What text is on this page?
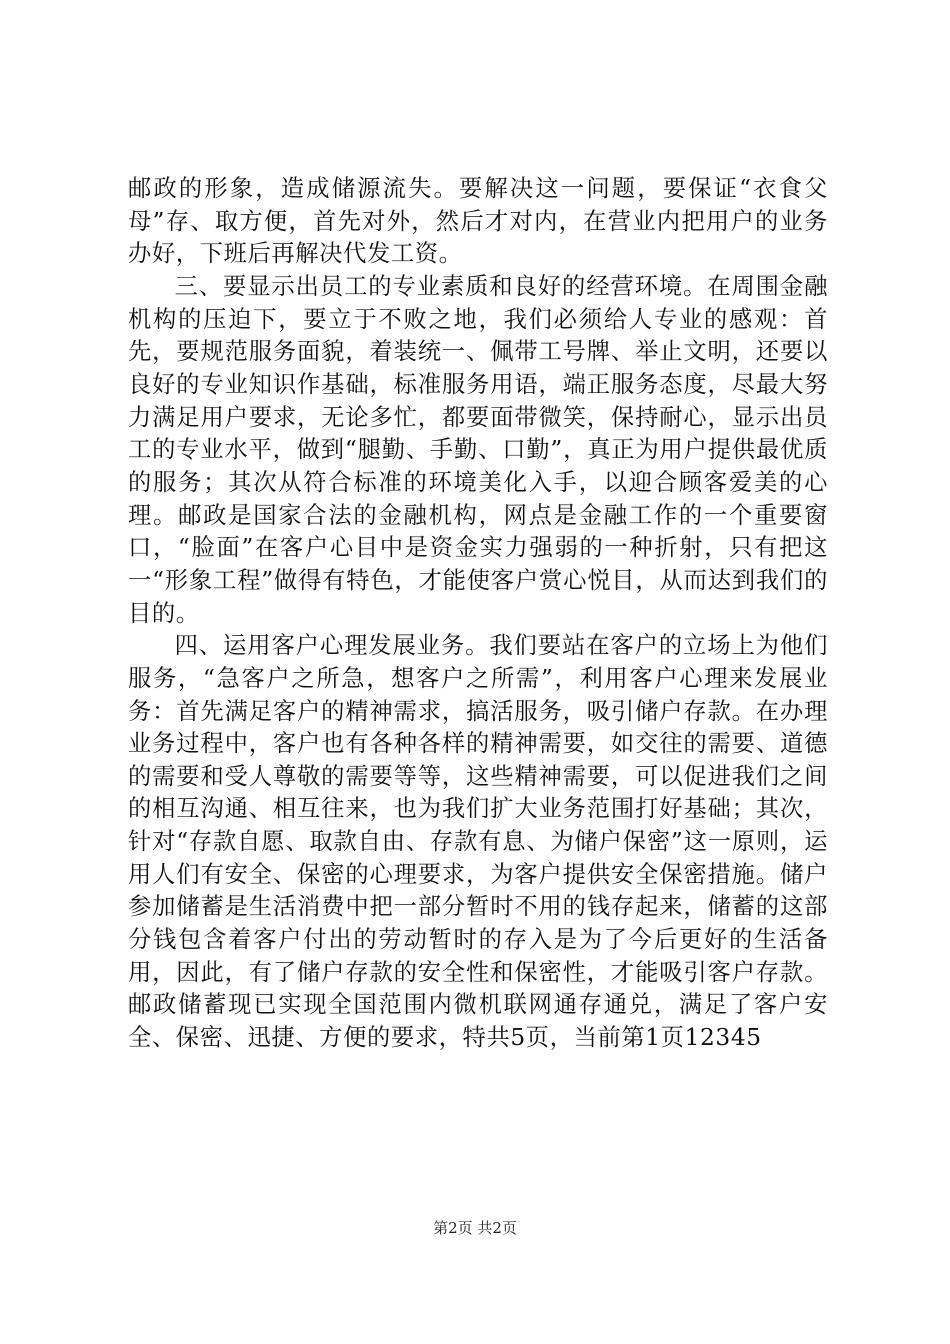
邮政的形象，造成储源流失。要解决这一问题，要保证“衣食父母”存、取方便，首先对外，然后才对内，在营业内把用户的业务办好，下班后再解决代发工资。

三、要显示出员工的专业素质和良好的经营环境。在周围金融机构的压迫下，要立于不败之地，我们必须给人专业的感观：首先，要规范服务面貌，着装统一、佩带工号牌、举止文明，还要以良好的专业知识作基础，标准服务用语，端正服务态度，尽最大努力满足用户要求，无论多忙，都要面带微笑，保持耐心，显示出员工的专业水平，做到“腿勤、手勤、口勤”，真正为用户提供最优质的服务；其次从符合标准的环境美化入手，以迎合顾客爱美的心理。邮政是国家合法的金融机构，网点是金融工作的一个重要窗口，“脸面”在客户心目中是资金实力强弱的一种折射，只有把这一“形象工程”做得有特色，才能使客户赏心悦目，从而达到我们的目的。

四、运用客户心理发展业务。我们要站在客户的立场上为他们服务，“急客户之所急，想客户之所需”，利用客户心理来发展业务：首先满足客户的精神需求，搞活服务，吸引储户存款。在办理业务过程中，客户也有各种各样的精神需要，如交往的需要、道德的需要和受人尊敬的需要等等，这些精神需要，可以促进我们之间的相互沟通、相互往来，也为我们扩大业务范围打好基础；其次，针对“存款自愿、取款自由、存款有息、为储户保密”这一原则，运用人们有安全、保密的心理要求，为客户提供安全保密措施。储户参加储蓄是生活消费中把一部分暂时不用的钱存起来，储蓄的这部分钱包含着客户付出的劳动暂时的存入是为了今后更好的生活备用，因此，有了储户存款的安全性和保密性，才能吸引客户存款。邮政储蓄现已实现全国范围内微机联网通存通兑，满足了客户安全、保密、迅捷、方便的要求，特共5页，当前第1页12345

第2页 共2页
